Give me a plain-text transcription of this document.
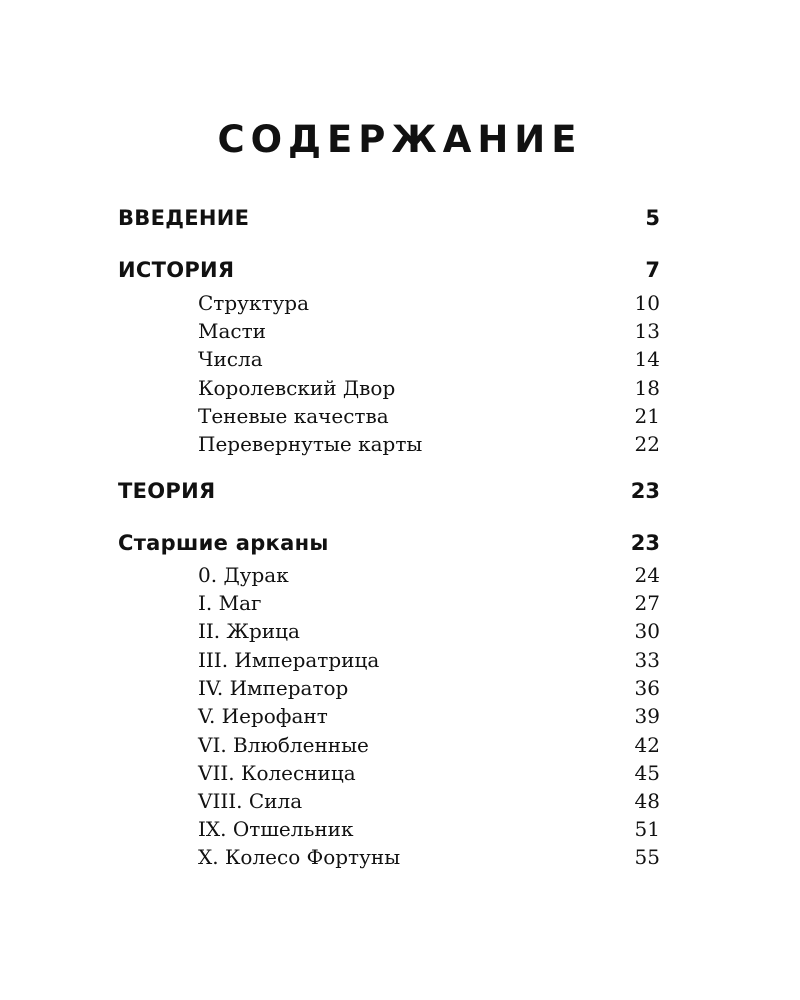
СОДЕРЖАНИЕ
ВВЕДЕНИЕ	5
ИСТОРИЯ	7
Структура	10
Масти	13
Числа	14
Королевский Двор	18
Теневые качества	21
Перевернутые карты	22
ТЕОРИЯ	23
Старшие арканы	23
0. Дурак	24
I. Маг	27
II. Жрица	30
III. Императрица	33
IV. Император	36
V. Иерофант	39
VI. Влюбленные	42
VII. Колесница	45
VIII. Сила	48
IX. Отшельник	51
X. Колесо Фортуны	55
